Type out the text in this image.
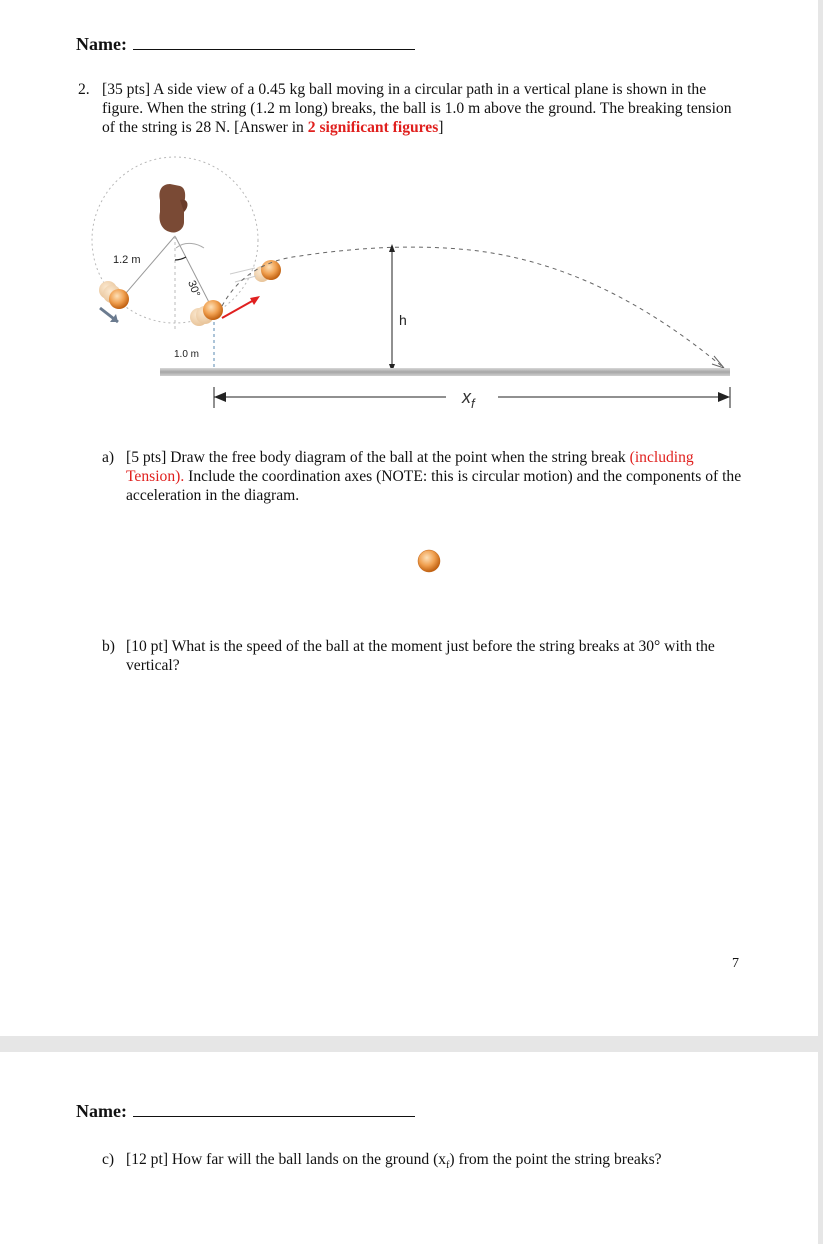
Name:
2. [35 pts] A side view of a 0.45 kg ball moving in a circular path in a vertical plane is shown in the figure. When the string (1.2 m long) breaks, the ball is 1.0 m above the ground. The breaking tension of the string is 28 N. [Answer in 2 significant figures]
30°
1.2 m
1.0 m
h
$x_f$
a) [5 pts] Draw the free body diagram of the ball at the point when the string break (including Tension). Include the coordination axes (NOTE: this is circular motion) and the components of the acceleration in the diagram.
b) [10 pt] What is the speed of the ball at the moment just before the string breaks at 30° with the vertical?
7
Name:
c) [12 pt] How far will the ball lands on the ground $(x_f)$ from the point the string breaks?
